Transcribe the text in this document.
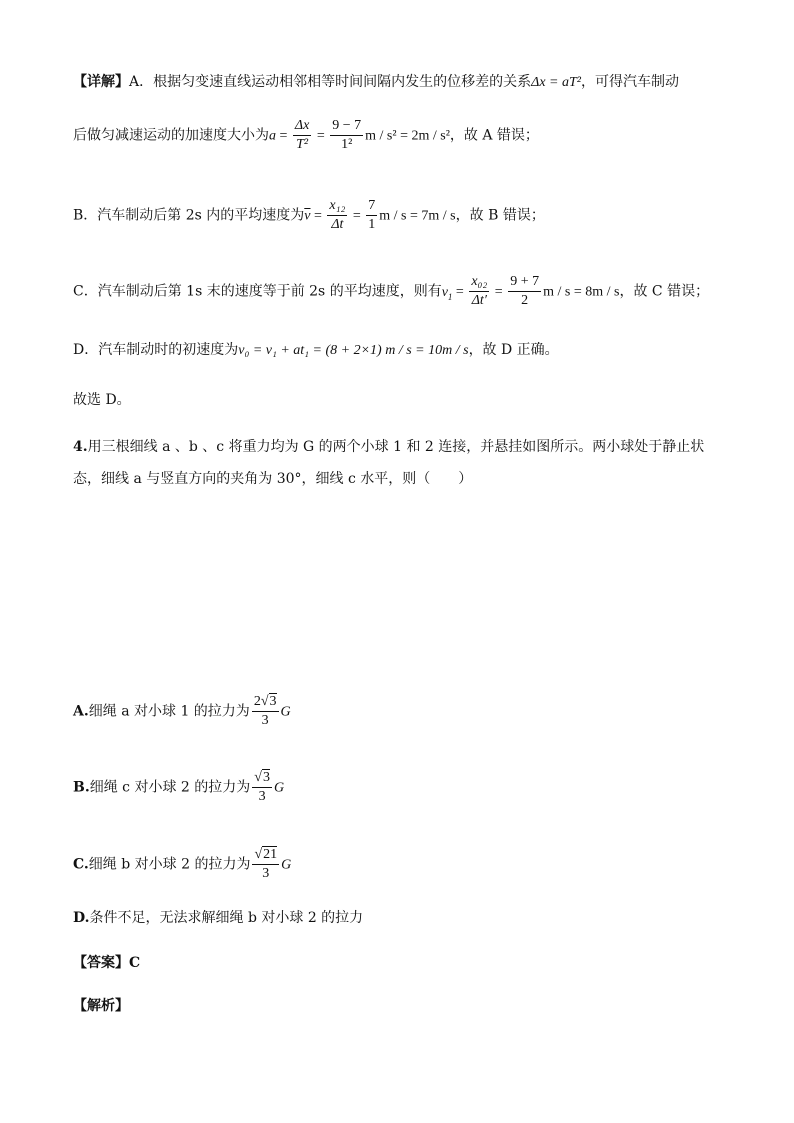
【详解】A．根据匀变速直线运动相邻相等时间间隔内发生的位移差的关系Δx = aT²，可得汽车制动
后做匀减速运动的加速度大小为$a = \frac{\Delta x}{\text{T²}} = \frac{9 - 7}{\text{1²}}$ m / s² = 2m / s²，故 A 错误；
B．汽车制动后第 2s 内的平均速度为$\overline{v} = \frac{\text{x₁₂}}{\Delta t} = \frac{7}{1}$ m / s = 7m / s，故 B 错误；
C．汽车制动后第 1s 末的速度等于前 2s 的平均速度，则有$v_1 = \frac{\text{x₀₂}}{\Delta t'} = \frac{9 + 7}{2}$ m / s = 8m / s，故 C 错误；
D．汽车制动时的初速度为v₀ = v₁ + at₁ = (8 + 2×1) m / s = 10m / s，故 D 正确。
故选 D。
4.用三根细线 a 、b 、c 将重力均为 G 的两个小球 1 和 2 连接，并悬挂如图所示。两小球处于静止状
态，细线 a 与竖直方向的夹角为 30°，细线 c 水平，则（　　）
A.细绳 a 对小球 1 的拉力为 $\frac{2√3}{3}$ G
B.细绳 c 对小球 2 的拉力为 $\frac{√3}{3}$ G
C.细绳 b 对小球 2 的拉力为 $\frac{√21}{3}$ G
D.条件不足，无法求解细绳 b 对小球 2 的拉力
【答案】C
【解析】
